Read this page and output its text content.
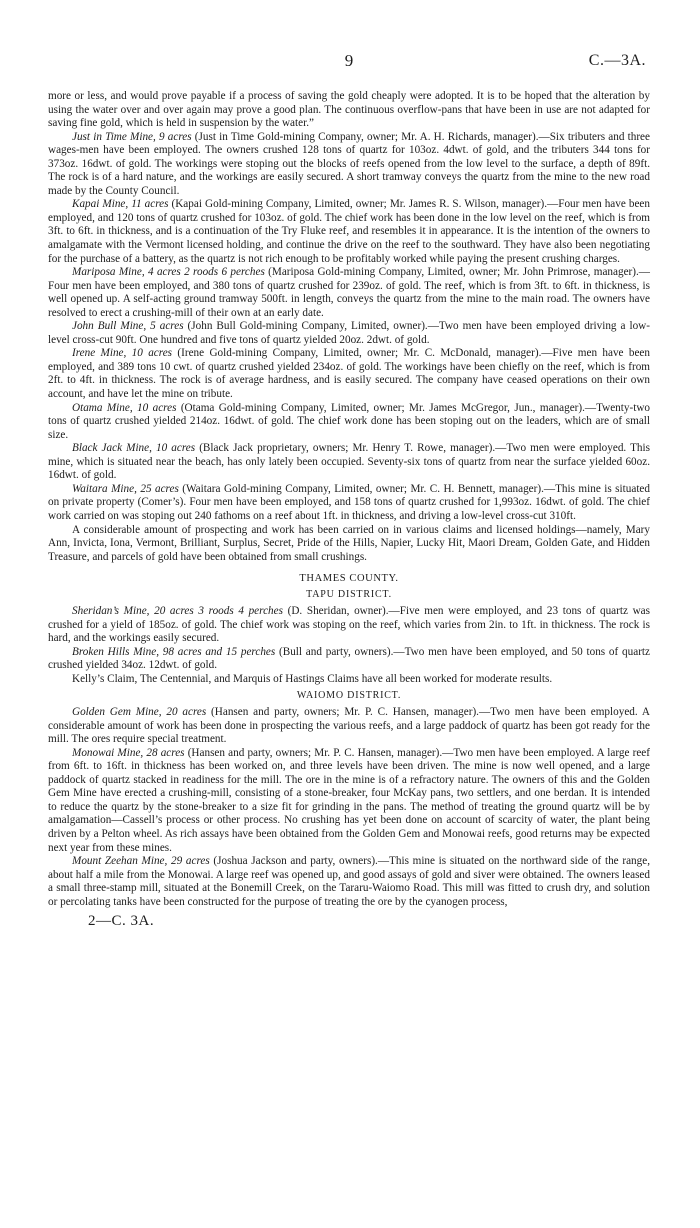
9	C.—3A.

more or less, and would prove payable if a process of saving the gold cheaply were adopted. It is to be hoped that the alteration by using the water over and over again may prove a good plan. The continuous overflow-pans that have been in use are not adapted for saving fine gold, which is held in suspension by the water.”

Just in Time Mine, 9 acres (Just in Time Gold-mining Company, owner; Mr. A. H. Richards, manager).—Six tributers and three wages-men have been employed. The owners crushed 128 tons of quartz for 103oz. 4dwt. of gold, and the tributers 344 tons for 373oz. 16dwt. of gold. The workings were stoping out the blocks of reefs opened from the low level to the surface, a depth of 89ft. The rock is of a hard nature, and the workings are easily secured. A short tramway conveys the quartz from the mine to the new road made by the County Council.

Kapai Mine, 11 acres (Kapai Gold-mining Company, Limited, owner; Mr. James R. S. Wilson, manager).—Four men have been employed, and 120 tons of quartz crushed for 103oz. of gold. The chief work has been done in the low level on the reef, which is from 3ft. to 6ft. in thickness, and is a continuation of the Try Fluke reef, and resembles it in appearance. It is the intention of the owners to amalgamate with the Vermont licensed holding, and continue the drive on the reef to the southward. They have also been negotiating for the purchase of a battery, as the quartz is not rich enough to be profitably worked while paying the present crushing charges.

Mariposa Mine, 4 acres 2 roods 6 perches (Mariposa Gold-mining Company, Limited, owner; Mr. John Primrose, manager).—Four men have been employed, and 380 tons of quartz crushed for 239oz. of gold. The reef, which is from 3ft. to 6ft. in thickness, is well opened up. A self-acting ground tramway 500ft. in length, conveys the quartz from the mine to the main road. The owners have resolved to erect a crushing-mill of their own at an early date.

John Bull Mine, 5 acres (John Bull Gold-mining Company, Limited, owner).—Two men have been employed driving a low-level cross-cut 90ft. One hundred and five tons of quartz yielded 20oz. 2dwt. of gold.

Irene Mine, 10 acres (Irene Gold-mining Company, Limited, owner; Mr. C. McDonald, manager).—Five men have been employed, and 389 tons 10 cwt. of quartz crushed yielded 234oz. of gold. The workings have been chiefly on the reef, which is from 2ft. to 4ft. in thickness. The rock is of average hardness, and is easily secured. The company have ceased operations on their own account, and have let the mine on tribute.

Otama Mine, 10 acres (Otama Gold-mining Company, Limited, owner; Mr. James McGregor, Jun., manager).—Twenty-two tons of quartz crushed yielded 214oz. 16dwt. of gold. The chief work done has been stoping out on the leaders, which are of small size.

Black Jack Mine, 10 acres (Black Jack proprietary, owners; Mr. Henry T. Rowe, manager).—Two men were employed. This mine, which is situated near the beach, has only lately been occupied. Seventy-six tons of quartz from near the surface yielded 60oz. 16dwt. of gold.

Waitara Mine, 25 acres (Waitara Gold-mining Company, Limited, owner; Mr. C. H. Bennett, manager).—This mine is situated on private property (Comer’s). Four men have been employed, and 158 tons of quartz crushed for 1,993oz. 16dwt. of gold. The chief work carried on was stoping out 240 fathoms on a reef about 1ft. in thickness, and driving a low-level cross-cut 310ft.

A considerable amount of prospecting and work has been carried on in various claims and licensed holdings—namely, Mary Ann, Invicta, Iona, Vermont, Brilliant, Surplus, Secret, Pride of the Hills, Napier, Lucky Hit, Maori Dream, Golden Gate, and Hidden Treasure, and parcels of gold have been obtained from small crushings.

THAMES COUNTY.
TAPU DISTRICT.

Sheridan’s Mine, 20 acres 3 roods 4 perches (D. Sheridan, owner).—Five men were employed, and 23 tons of quartz was crushed for a yield of 185oz. of gold. The chief work was stoping on the reef, which varies from 2in. to 1ft. in thickness. The rock is hard, and the workings easily secured.

Broken Hills Mine, 98 acres and 15 perches (Bull and party, owners).—Two men have been employed, and 50 tons of quartz crushed yielded 34oz. 12dwt. of gold.

Kelly’s Claim, The Centennial, and Marquis of Hastings Claims have all been worked for moderate results.

WAIOMO DISTRICT.

Golden Gem Mine, 20 acres (Hansen and party, owners; Mr. P. C. Hansen, manager).—Two men have been employed. A considerable amount of work has been done in prospecting the various reefs, and a large paddock of quartz has been got ready for the mill. The ores require special treatment.

Monowai Mine, 28 acres (Hansen and party, owners; Mr. P. C. Hansen, manager).—Two men have been employed. A large reef from 6ft. to 16ft. in thickness has been worked on, and three levels have been driven. The mine is now well opened, and a large paddock of quartz stacked in readiness for the mill. The ore in the mine is of a refractory nature. The owners of this and the Golden Gem Mine have erected a crushing-mill, consisting of a stone-breaker, four McKay pans, two settlers, and one berdan. It is intended to reduce the quartz by the stone-breaker to a size fit for grinding in the pans. The method of treating the ground quartz will be by amalgamation—Cassell’s process or other process. No crushing has yet been done on account of scarcity of water, the plant being driven by a Pelton wheel. As rich assays have been obtained from the Golden Gem and Monowai reefs, good returns may be expected next year from these mines.

Mount Zeehan Mine, 29 acres (Joshua Jackson and party, owners).—This mine is situated on the northward side of the range, about half a mile from the Monowai. A large reef was opened up, and good assays of gold and siver were obtained. The owners leased a small three-stamp mill, situated at the Bonemill Creek, on the Tararu-Waiomo Road. This mill was fitted to crush dry, and solution or percolating tanks have been constructed for the purpose of treating the ore by the cyanogen process,

2—C. 3A.
